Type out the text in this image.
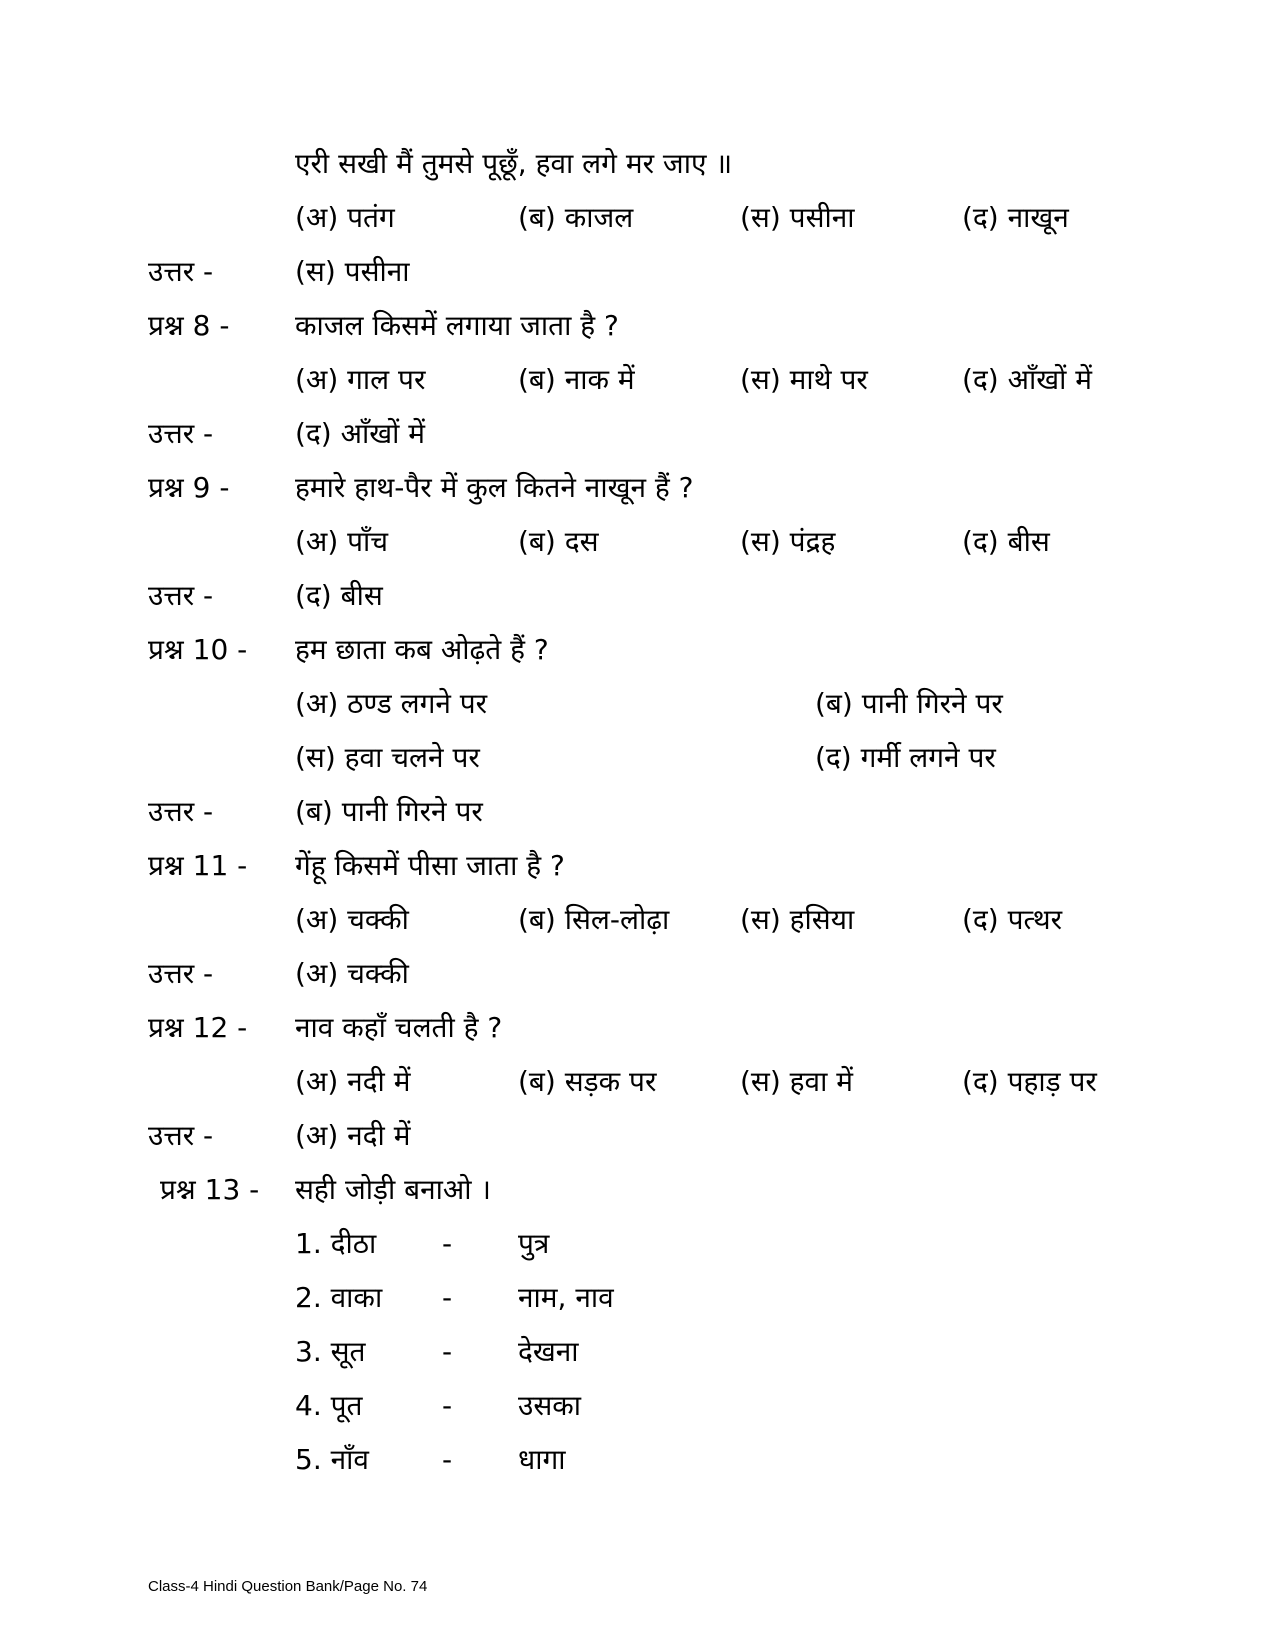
एरी सखी मैं तुमसे पूछूँ, हवा लगे मर जाए ॥
(अ) पतंग	(ब) काजल	(स) पसीना	(द) नाखून
उत्तर -	(स) पसीना
प्रश्न 8 - काजल किसमें लगाया जाता है ?
(अ) गाल पर	(ब) नाक में	(स) माथे पर	(द) आँखों में
उत्तर -	(द) आँखों में
प्रश्न 9 - हमारे हाथ-पैर में कुल कितने नाखून हैं ?
(अ) पाँच	(ब) दस	(स) पंद्रह	(द) बीस
उत्तर -	(द) बीस
प्रश्न 10 - हम छाता कब ओढ़ते हैं ?
(अ) ठण्ड लगने पर	(ब) पानी गिरने पर
(स) हवा चलने पर	(द) गर्मी लगने पर
उत्तर -	(ब) पानी गिरने पर
प्रश्न 11 - गेंहू किसमें पीसा जाता है ?
(अ) चक्की	(ब) सिल-लोढ़ा	(स) हसिया	(द) पत्थर
उत्तर -	(अ) चक्की
प्रश्न 12 - नाव कहाँ चलती है ?
(अ) नदी में	(ब) सड़क पर	(स) हवा में	(द) पहाड़ पर
उत्तर -	(अ) नदी में
प्रश्न 13 - सही जोड़ी बनाओ ।
1. दीठा - पुत्र
2. वाका - नाम, नाव
3. सूत	- देखना
4. पूत	- उसका
5. नाँव	- धागा
Class-4 Hindi Question Bank/Page No. 74
